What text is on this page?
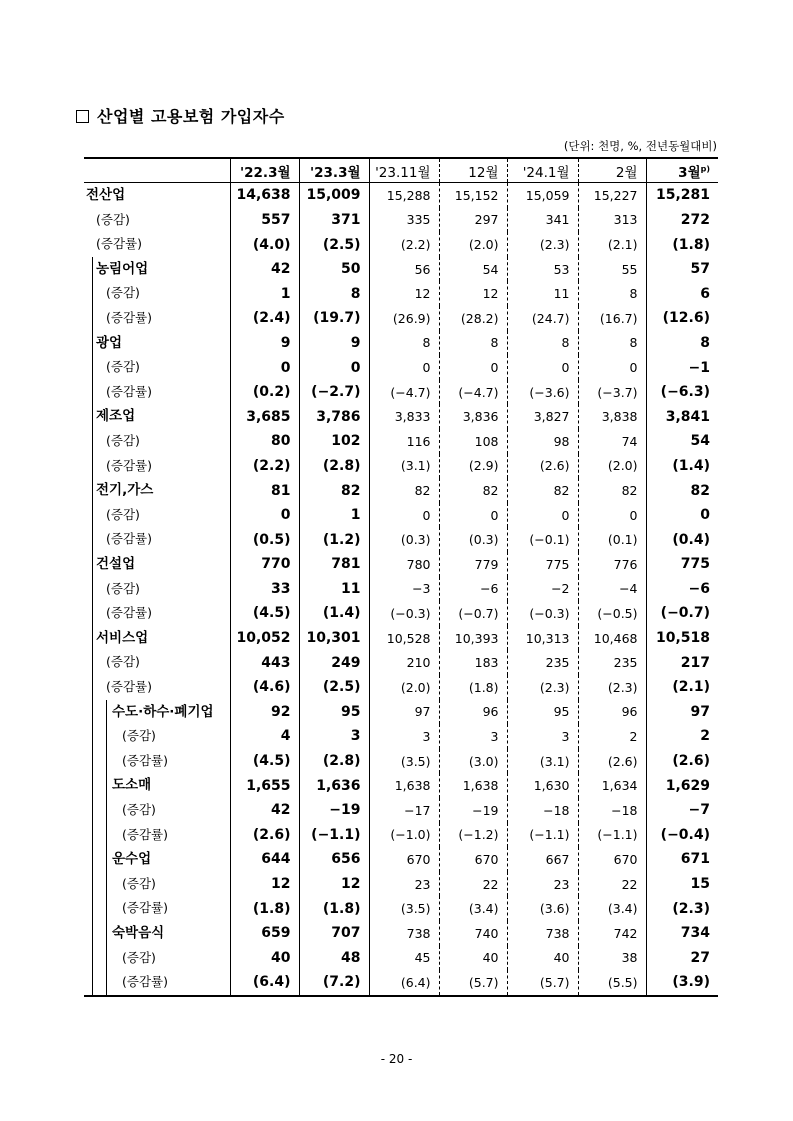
산업별 고용보험 가입자수
(단위: 천명, %, 전년동월대비)
	'22.3월	'23.3월	'23.11월	12월	'24.1월	2월	3월$^{p)}$

전산업	14,638	15,009	15,288	15,152	15,059	15,227	15,281

(증감)	557	371	335	297	341	313	272

(증감률)	(4.0)	(2.5)	(2.2)	(2.0)	(2.3)	(2.1)	(1.8)

농림어업	42	50	56	54	53	55	57

(증감)	1	8	12	12	11	8	6

(증감률)	(2.4)	(19.7)	(26.9)	(28.2)	(24.7)	(16.7)	(12.6)

광업	9	9	8	8	8	8	8

(증감)	0	0	0	0	0	0	−1

(증감률)	(0.2)	(−2.7)	(−4.7)	(−4.7)	(−3.6)	(−3.7)	(−6.3)

제조업	3,685	3,786	3,833	3,836	3,827	3,838	3,841

(증감)	80	102	116	108	98	74	54

(증감률)	(2.2)	(2.8)	(3.1)	(2.9)	(2.6)	(2.0)	(1.4)

전기,가스	81	82	82	82	82	82	82

(증감)	0	1	0	0	0	0	0

(증감률)	(0.5)	(1.2)	(0.3)	(0.3)	(−0.1)	(0.1)	(0.4)

건설업	770	781	780	779	775	776	775

(증감)	33	11	−3	−6	−2	−4	−6

(증감률)	(4.5)	(1.4)	(−0.3)	(−0.7)	(−0.3)	(−0.5)	(−0.7)

서비스업	10,052	10,301	10,528	10,393	10,313	10,468	10,518

(증감)	443	249	210	183	235	235	217

(증감률)	(4.6)	(2.5)	(2.0)	(1.8)	(2.3)	(2.3)	(2.1)

수도·하수·폐기업	92	95	97	96	95	96	97

(증감)	4	3	3	3	3	2	2

(증감률)	(4.5)	(2.8)	(3.5)	(3.0)	(3.1)	(2.6)	(2.6)

도소매	1,655	1,636	1,638	1,638	1,630	1,634	1,629

(증감)	42	−19	−17	−19	−18	−18	−7

(증감률)	(2.6)	(−1.1)	(−1.0)	(−1.2)	(−1.1)	(−1.1)	(−0.4)

운수업	644	656	670	670	667	670	671

(증감)	12	12	23	22	23	22	15

(증감률)	(1.8)	(1.8)	(3.5)	(3.4)	(3.6)	(3.4)	(2.3)

숙박음식	659	707	738	740	738	742	734

(증감)	40	48	45	40	40	38	27

(증감률)	(6.4)	(7.2)	(6.4)	(5.7)	(5.7)	(5.5)	(3.9)
- 20 -
